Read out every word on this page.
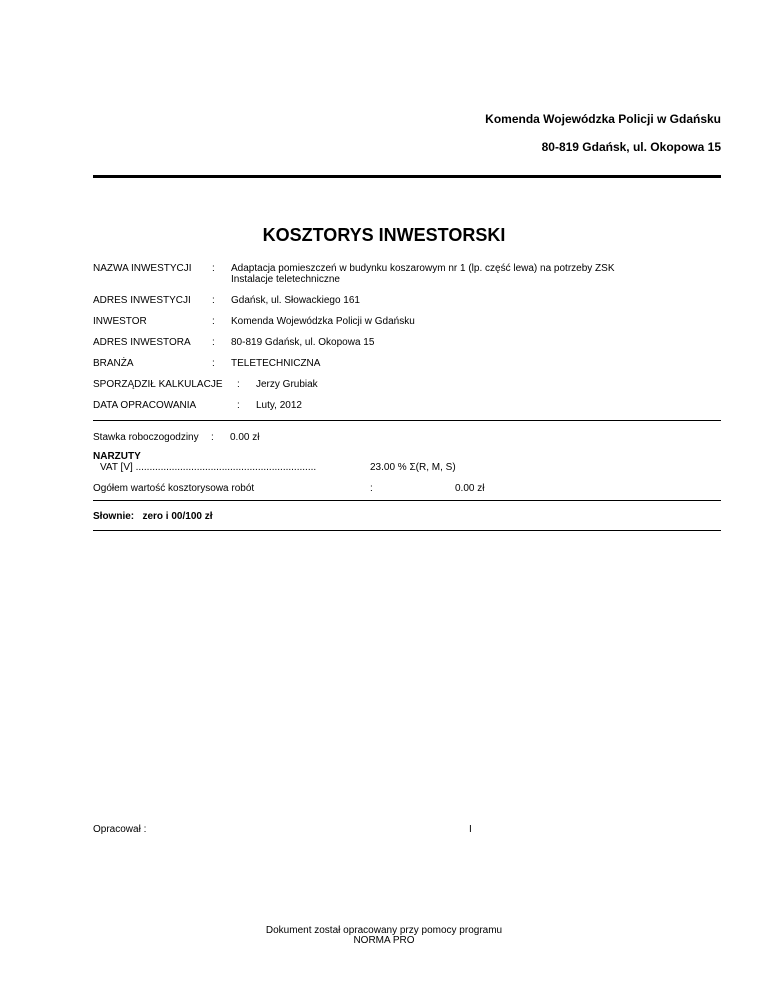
Komenda Wojewódzka Policji w Gdańsku
80-819 Gdańsk, ul. Okopowa 15
KOSZTORYS INWESTORSKI
NAZWA INWESTYCJI : Adaptacja pomieszczeń w budynku koszarowym nr 1 (lp. część lewa) na potrzeby ZSK
Instalacje teletechniczne
ADRES INWESTYCJI : Gdańsk, ul. Słowackiego 161
INWESTOR	: Komenda Wojewódzka Policji w Gdańsku
ADRES INWESTORA : 80-819 Gdańsk, ul. Okopowa 15
BRANŻA	: TELETECHNICZNA
SPORZĄDZIŁ KALKULACJE : Jerzy Grubiak
DATA OPRACOWANIA	: Luty, 2012
Stawka roboczogodziny : 0.00 zł
NARZUTY
VAT [V] .................................................................	23.00 % Σ(R, M, S)
Ogółem wartość kosztorysowa robót	:	0.00 zł
Słownie: zero i 00/100 zł
Opracował :	I
Dokument został opracowany przy pomocy programu
NORMA PRO
